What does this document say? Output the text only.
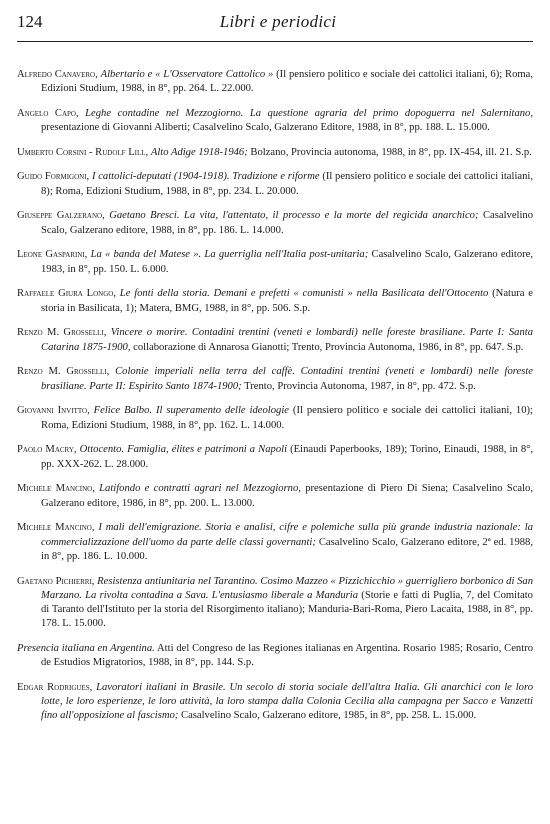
124	Libri e periodici

Alfredo Canavero, Albertario e « L'Osservatore Cattolico » (Il pensiero politico e sociale dei cattolici italiani, 6); Roma, Edizioni Studium, 1988, in 8°, pp. 264. L. 22.000.

Angelo Capo, Leghe contadine nel Mezzogiorno. La questione agraria del primo dopoguerra nel Salernitano, presentazione di Giovanni Aliberti; Casalvelino Scalo, Galzerano Editore, 1988, in 8°, pp. 188. L. 15.000.

Umberto Corsini - Rudolf Lill, Alto Adige 1918-1946; Bolzano, Provincia autonoma, 1988, in 8°, pp. IX-454, ill. 21. S.p.

Guido Formigoni, I cattolici-deputati (1904-1918). Tradizione e riforme (Il pensiero politico e sociale dei cattolici italiani, 8); Roma, Edizioni Studium, 1988, in 8°, pp. 234. L. 20.000.

Giuseppe Galzerano, Gaetano Bresci. La vita, l'attentato, il processo e la morte del regicida anarchico; Casalvelino Scalo, Galzerano editore, 1988, in 8°, pp. 186. L. 14.000.

Leone Gasparini, La « banda del Matese ». La guerriglia nell'Italia post-unitaria; Casalvelino Scalo, Galzerano editore, 1983, in 8°, pp. 150. L. 6.000.

Raffaele Giura Longo, Le fonti della storia. Demani e prefetti « comunisti » nella Basilicata dell'Ottocento (Natura e storia in Basilicata, 1); Matera, BMG, 1988, in 8°, pp. 506. S.p.

Renzo M. Grosselli, Vincere o morire. Contadini trentini (veneti e lombardi) nelle foreste brasiliane. Parte I: Santa Catarina 1875-1900, collaborazione di Annarosa Gianotti; Trento, Provincia Autonoma, 1986, in 8°, pp. 647. S.p.

Renzo M. Grosselli, Colonie imperiali nella terra del caffè. Contadini trentini (veneti e lombardi) nelle foreste brasiliane. Parte II: Espirito Santo 1874-1900; Trento, Provincia Autonoma, 1987, in 8°, pp. 472. S.p.

Giovanni Invitto, Felice Balbo. Il superamento delle ideologie (Il pensiero politico e sociale dei cattolici italiani, 10); Roma, Edizioni Studium, 1988, in 8°, pp. 162. L. 14.000.

Paolo Macry, Ottocento. Famiglia, élites e patrimoni a Napoli (Einaudi Paperbooks, 189); Torino, Einaudi, 1988, in 8°, pp. XXX-262. L. 28.000.

Michele Mancino, Latifondo e contratti agrari nel Mezzogiorno, presentazione di Piero Di Siena; Casalvelino Scalo, Galzerano editore, 1986, in 8°, pp. 200. L. 13.000.

Michele Mancino, I mali dell'emigrazione. Storia e analisi, cifre e polemiche sulla più grande industria nazionale: la commercializzazione dell'uomo da parte delle classi governanti; Casalvelino Scalo, Galzerano editore, 2ª ed. 1988, in 8°, pp. 186. L. 10.000.

Gaetano Pichierri, Resistenza antiunitaria nel Tarantino. Cosimo Mazzeo « Pizzichicchio » guerrigliero borbonico di San Marzano. La rivolta contadina a Sava. L'entusiasmo liberale a Manduria (Storie e fatti di Puglia, 7, del Comitato di Taranto dell'Istituto per la storia del Risorgimento italiano); Manduria-Bari-Roma, Piero Lacaita, 1988, in 8°, pp. 178. L. 15.000.

Presencia italiana en Argentina. Atti del Congreso de las Regiones italianas en Argentina. Rosario 1985; Rosario, Centro de Estudios Migratorios, 1988, in 8°, pp. 144. S.p.

Edgar Rodrigues, Lavoratori italiani in Brasile. Un secolo di storia sociale dell'altra Italia. Gli anarchici con le loro lotte, le loro esperienze, le loro attività, la loro stampa dalla Colonia Cecilia alla campagna per Sacco e Vanzetti fino all'opposizione al fascismo; Casalvelino Scalo, Galzerano editore, 1985, in 8°, pp. 258. L. 15.000.
